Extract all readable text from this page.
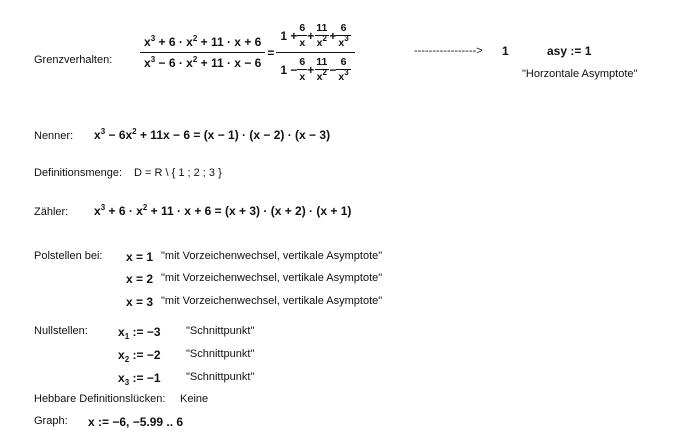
Grenzverhalten: $\frac{x^3 + 6 \cdot x^2 + 11 \cdot x + 6}{x^3 - 6 \cdot x^2 + 11 \cdot x - 6} = \frac{1 + \frac{6}{x} + \frac{11}{x^2} + \frac{6}{x^3}}{1 - \frac{6}{x} + \frac{11}{x^2} - \frac{6}{x^3}}$	-----------------> 1	asy := 1
"Horzontale Asymptote"
Nenner: $x^3 - 6x^2 + 11x - 6 = (x - 1) \cdot (x - 2) \cdot (x - 3)$
Definitionsmenge: D = R \ { 1 ; 2 ; 3 }
Zähler: $x^3 + 6 \cdot x^2 + 11 \cdot x + 6 = (x + 3) \cdot (x + 2) \cdot (x + 1)$
Polstellen bei: x = 1 "mit Vorzeichenwechsel, vertikale Asymptote"
x = 2 "mit Vorzeichenwechsel, vertikale Asymptote"
x = 3 "mit Vorzeichenwechsel, vertikale Asymptote"
Nullstellen:	$x_1$ := −3 "Schnittpunkt"
$x_2$ := −2 "Schnittpunkt"
$x_3$ := −1 "Schnittpunkt"
Hebbare Definitionslücken: Keine
Graph: x := −6, −5.99 .. 6
